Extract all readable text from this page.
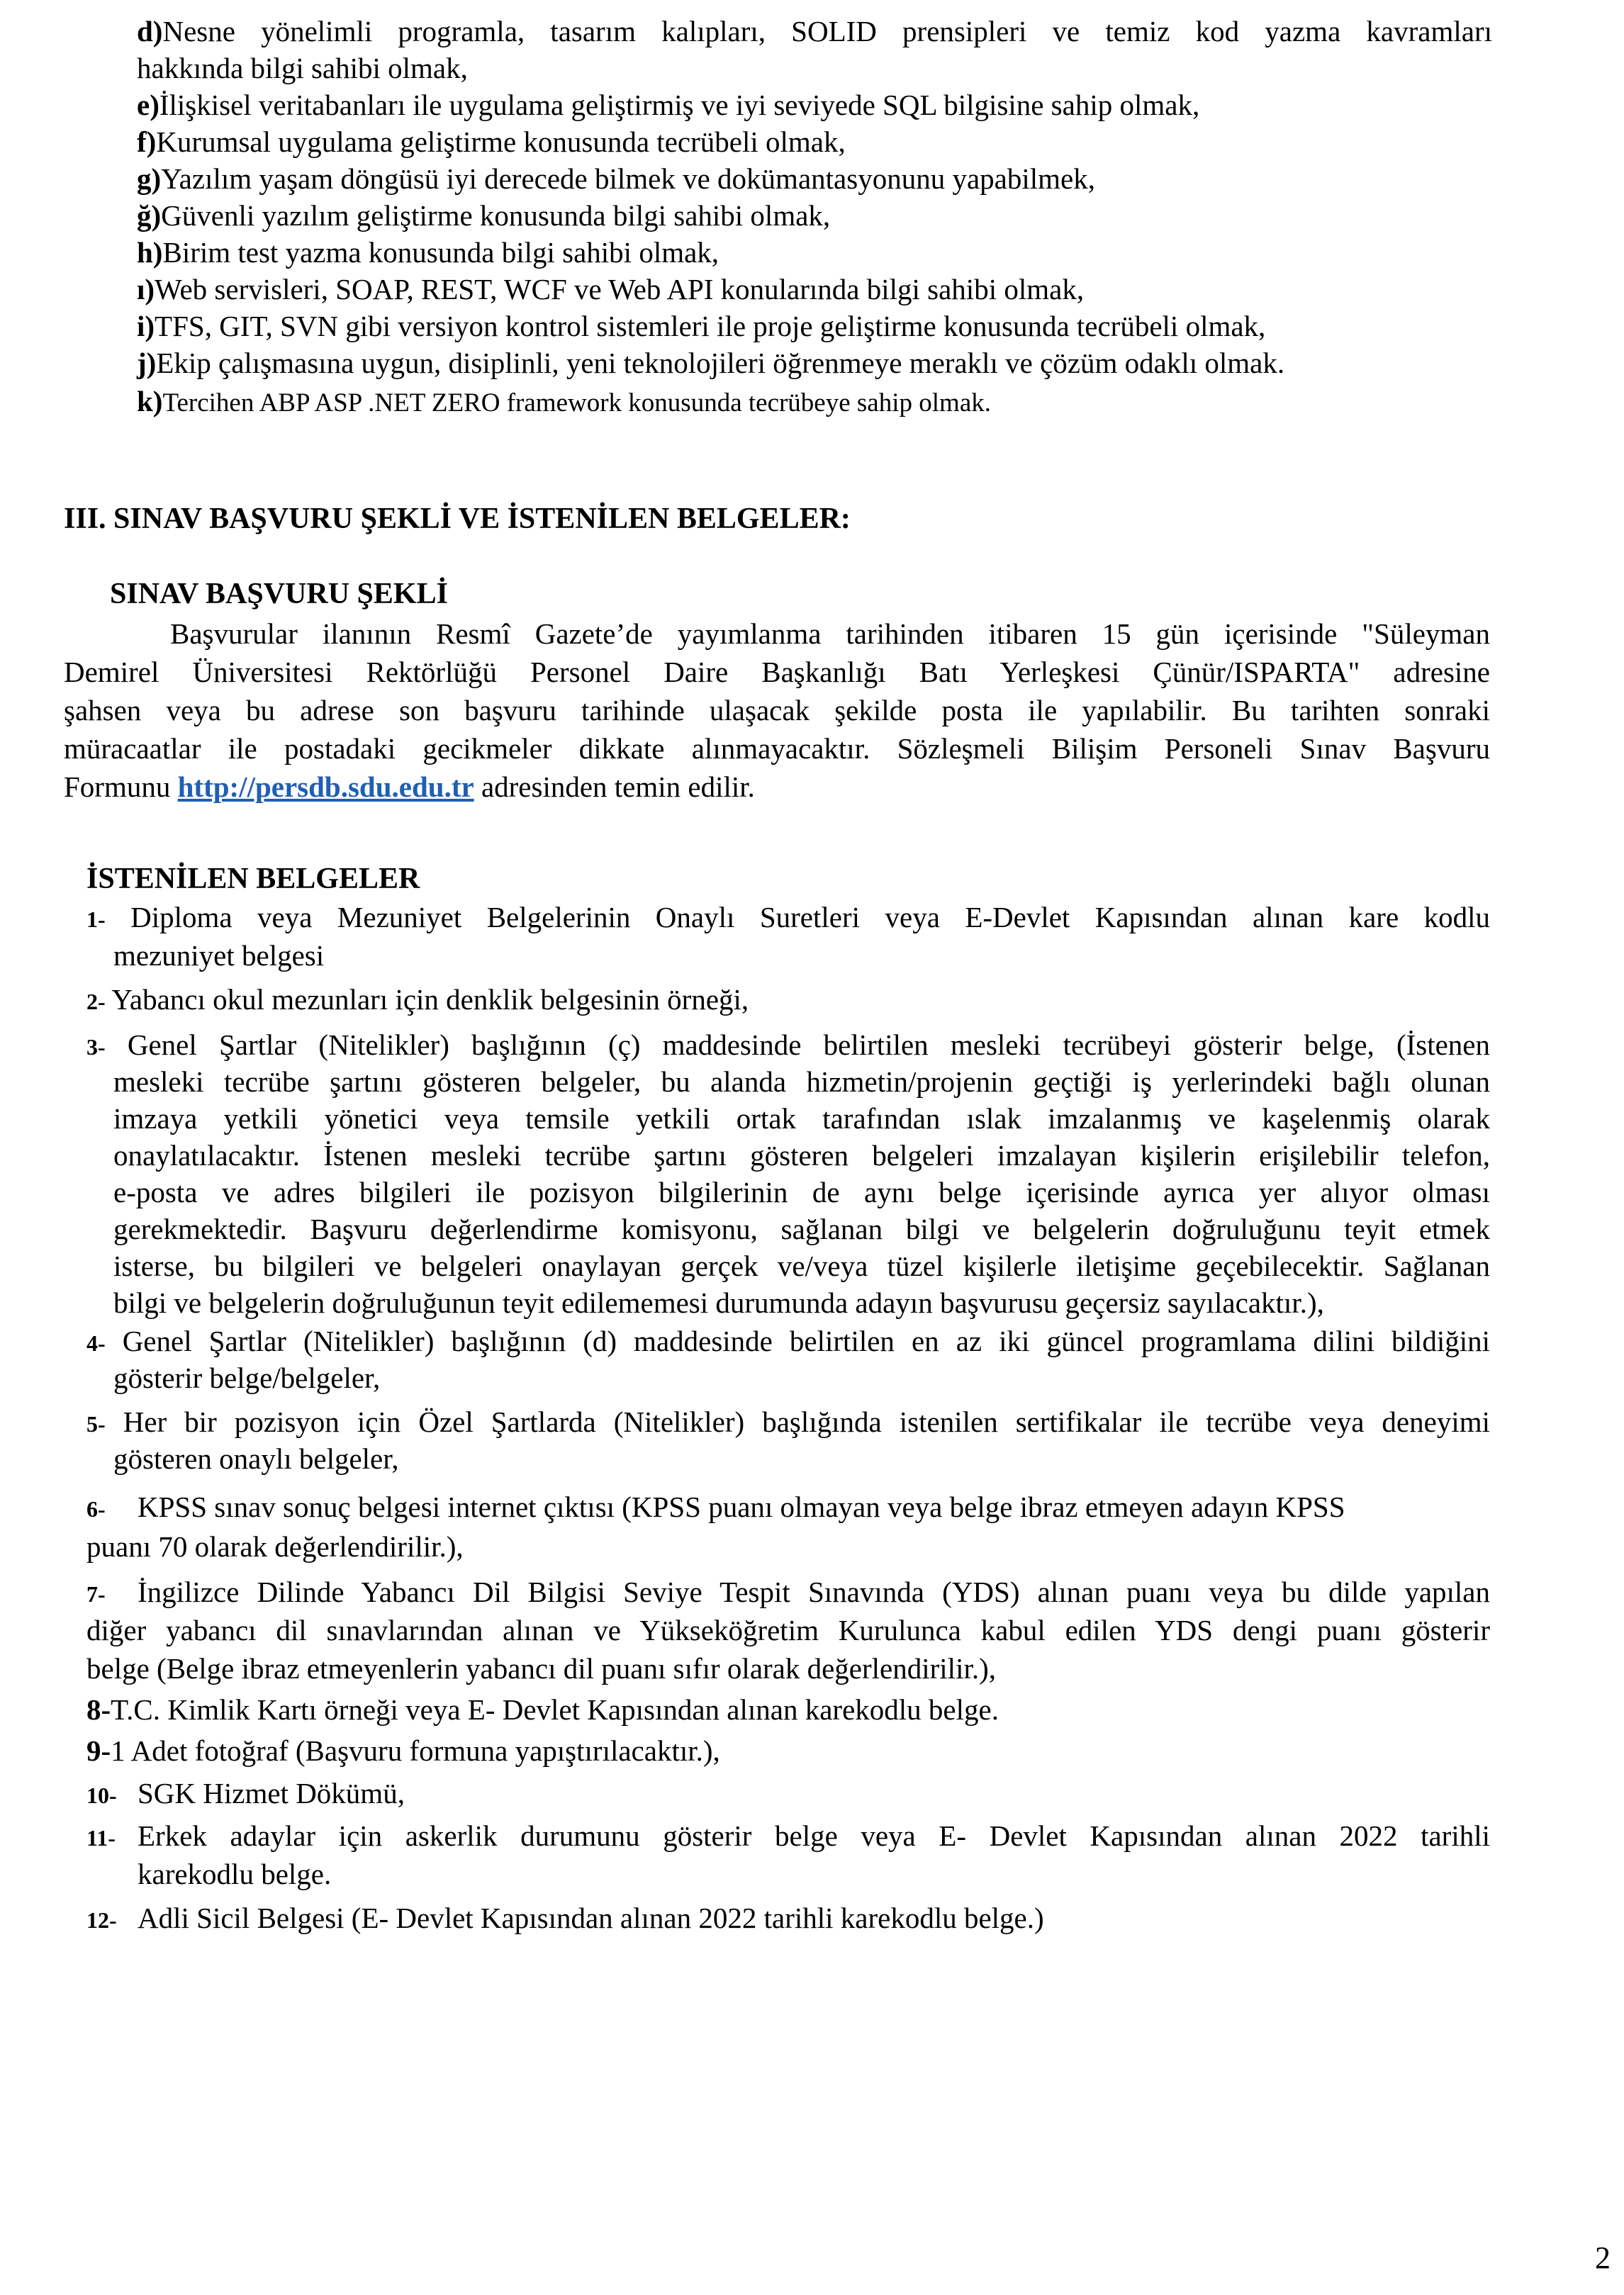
d)Nesne yönelimli programla, tasarım kalıpları, SOLID prensipleri ve temiz kod yazma kavramları
hakkında bilgi sahibi olmak,
e)İlişkisel veritabanları ile uygulama geliştirmiş ve iyi seviyede SQL bilgisine sahip olmak,
f)Kurumsal uygulama geliştirme konusunda tecrübeli olmak,
g)Yazılım yaşam döngüsü iyi derecede bilmek ve dokümantasyonunu yapabilmek,
ğ)Güvenli yazılım geliştirme konusunda bilgi sahibi olmak,
h)Birim test yazma konusunda bilgi sahibi olmak,
ı)Web servisleri, SOAP, REST, WCF ve Web API konularında bilgi sahibi olmak,
i)TFS, GIT, SVN gibi versiyon kontrol sistemleri ile proje geliştirme konusunda tecrübeli olmak,
j)Ekip çalışmasına uygun, disiplinli, yeni teknolojileri öğrenmeye meraklı ve çözüm odaklı olmak.
k)Tercihen ABP ASP .NET ZERO framework konusunda tecrübeye sahip olmak.
III. SINAV BAŞVURU ŞEKLİ VE İSTENİLEN BELGELER:
SINAV BAŞVURU ŞEKLİ
Başvurular ilanının Resmî Gazete’de yayımlanma tarihinden itibaren 15 gün içerisinde "Süleyman
Demirel Üniversitesi Rektörlüğü Personel Daire Başkanlığı Batı Yerleşkesi Çünür/ISPARTA" adresine
şahsen veya bu adrese son başvuru tarihinde ulaşacak şekilde posta ile yapılabilir. Bu tarihten sonraki
müracaatlar ile postadaki gecikmeler dikkate alınmayacaktır. Sözleşmeli Bilişim Personeli Sınav Başvuru
Formunu http://persdb.sdu.edu.tr adresinden temin edilir.
İSTENİLEN BELGELER
1- Diploma veya Mezuniyet Belgelerinin Onaylı Suretleri veya E-Devlet Kapısından alınan kare kodlu
mezuniyet belgesi
2- Yabancı okul mezunları için denklik belgesinin örneği,
3- Genel Şartlar (Nitelikler) başlığının (ç) maddesinde belirtilen mesleki tecrübeyi gösterir belge, (İstenen
mesleki tecrübe şartını gösteren belgeler, bu alanda hizmetin/projenin geçtiği iş yerlerindeki bağlı olunan
imzaya yetkili yönetici veya temsile yetkili ortak tarafından ıslak imzalanmış ve kaşelenmiş olarak
onaylatılacaktır. İstenen mesleki tecrübe şartını gösteren belgeleri imzalayan kişilerin erişilebilir telefon,
e-posta ve adres bilgileri ile pozisyon bilgilerinin de aynı belge içerisinde ayrıca yer alıyor olması
gerekmektedir. Başvuru değerlendirme komisyonu, sağlanan bilgi ve belgelerin doğruluğunu teyit etmek
isterse, bu bilgileri ve belgeleri onaylayan gerçek ve/veya tüzel kişilerle iletişime geçebilecektir. Sağlanan
bilgi ve belgelerin doğruluğunun teyit edilememesi durumunda adayın başvurusu geçersiz sayılacaktır.),
4- Genel Şartlar (Nitelikler) başlığının (d) maddesinde belirtilen en az iki güncel programlama dilini bildiğini
gösterir belge/belgeler,
5- Her bir pozisyon için Özel Şartlarda (Nitelikler) başlığında istenilen sertifikalar ile tecrübe veya deneyimi
gösteren onaylı belgeler,
6- KPSS sınav sonuç belgesi internet çıktısı (KPSS puanı olmayan veya belge ibraz etmeyen adayın KPSS
puanı 70 olarak değerlendirilir.),
7- İngilizce Dilinde Yabancı Dil Bilgisi Seviye Tespit Sınavında (YDS) alınan puanı veya bu dilde yapılan
diğer yabancı dil sınavlarından alınan ve Yükseköğretim Kurulunca kabul edilen YDS dengi puanı gösterir
belge (Belge ibraz etmeyenlerin yabancı dil puanı sıfır olarak değerlendirilir.),
8-T.C. Kimlik Kartı örneği veya E- Devlet Kapısından alınan karekodlu belge.
9-1 Adet fotoğraf (Başvuru formuna yapıştırılacaktır.),
10- SGK Hizmet Dökümü,
11- Erkek adaylar için askerlik durumunu gösterir belge veya E- Devlet Kapısından alınan 2022 tarihli
karekodlu belge.
12- Adli Sicil Belgesi (E- Devlet Kapısından alınan 2022 tarihli karekodlu belge.)
2
